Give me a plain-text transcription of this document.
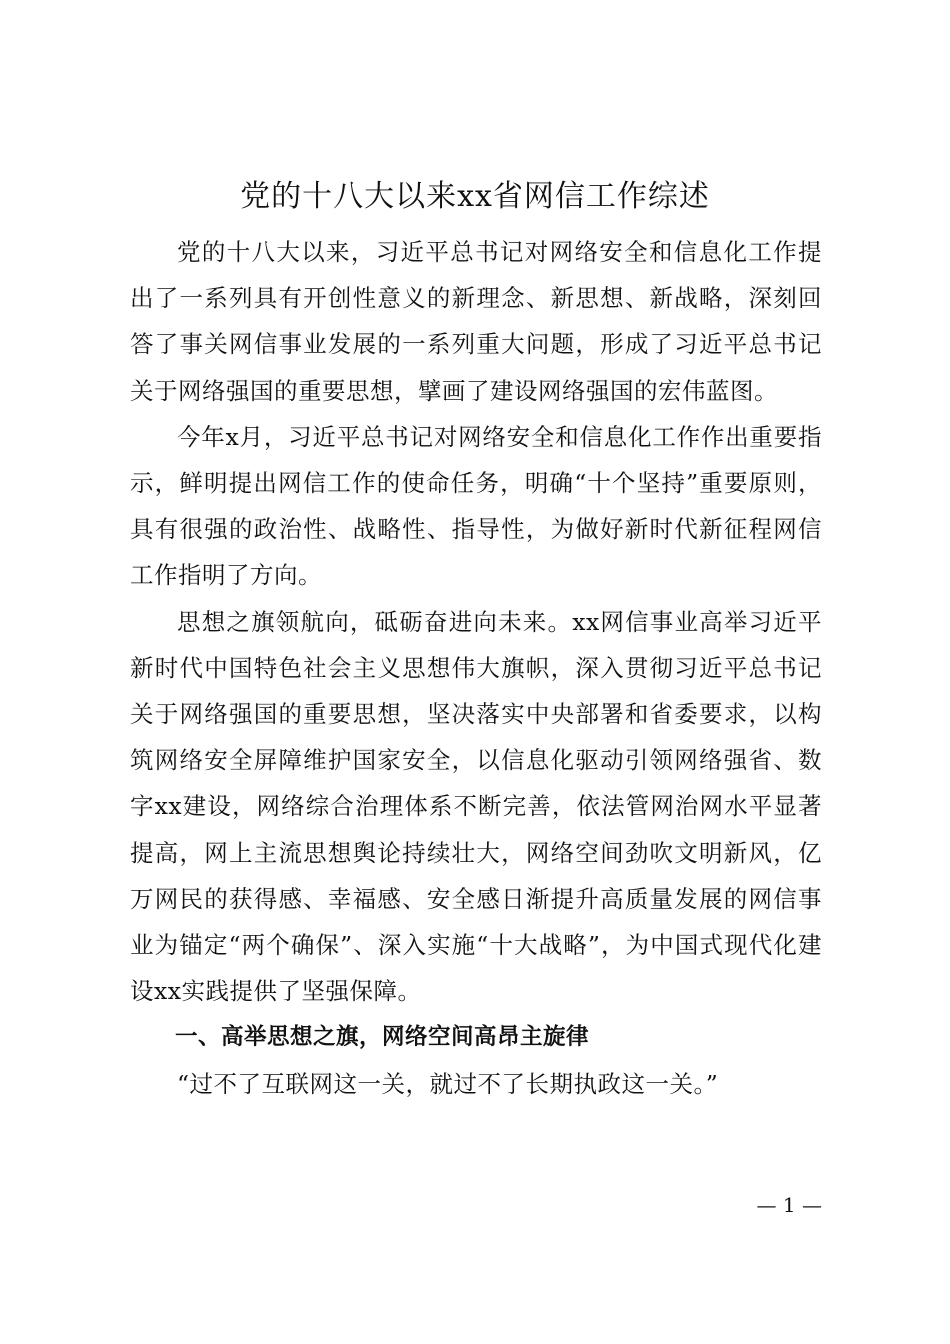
党的十八大以来xx省网信工作综述

党的十八大以来，习近平总书记对网络安全和信息化工作提出了一系列具有开创性意义的新理念、新思想、新战略，深刻回答了事关网信事业发展的一系列重大问题，形成了习近平总书记关于网络强国的重要思想，擘画了建设网络强国的宏伟蓝图。

今年x月，习近平总书记对网络安全和信息化工作作出重要指示，鲜明提出网信工作的使命任务，明确“十个坚持”重要原则，具有很强的政治性、战略性、指导性，为做好新时代新征程网信工作指明了方向。

思想之旗领航向，砥砺奋进向未来。xx网信事业高举习近平新时代中国特色社会主义思想伟大旗帜，深入贯彻习近平总书记关于网络强国的重要思想，坚决落实中央部署和省委要求，以构筑网络安全屏障维护国家安全，以信息化驱动引领网络强省、数字xx建设，网络综合治理体系不断完善，依法管网治网水平显著提高，网上主流思想舆论持续壮大，网络空间劲吹文明新风，亿万网民的获得感、幸福感、安全感日渐提升高质量发展的网信事业为锚定“两个确保”、深入实施“十大战略”，为中国式现代化建设xx实践提供了坚强保障。

一、高举思想之旗，网络空间高昂主旋律

“过不了互联网这一关，就过不了长期执政这一关。”

— 1 —
